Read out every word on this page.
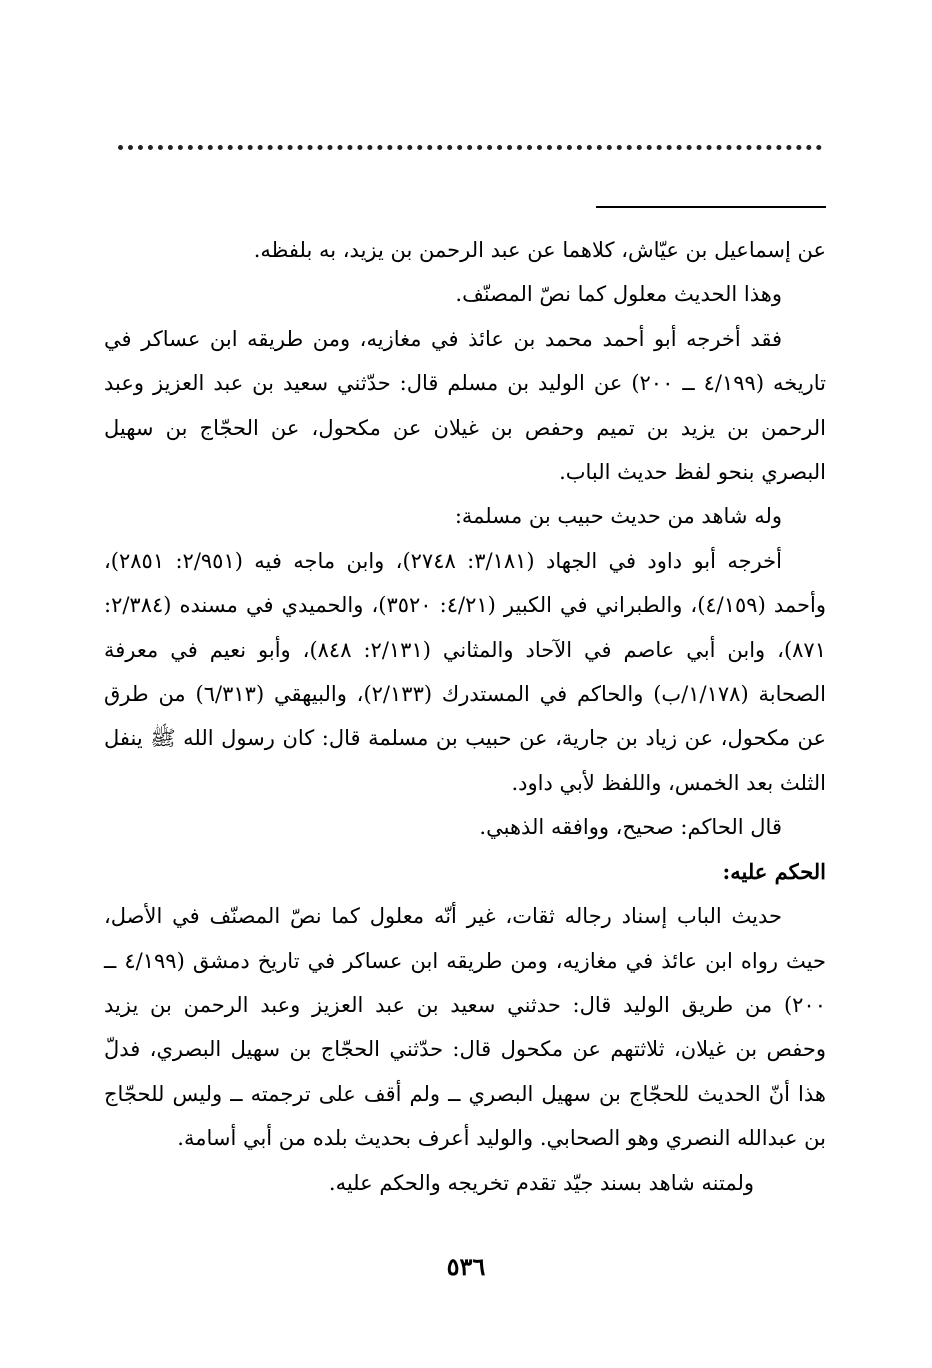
عن إسماعيل بن عيّاش، كلاهما عن عبد الرحمن بن يزيد، به بلفظه.

وهذا الحديث معلول كما نصّ المصنّف.

فقد أخرجه أبو أحمد محمد بن عائذ في مغازيه، ومن طريقه ابن عساكر في تاريخه (٤/١٩٩ ــ ٢٠٠) عن الوليد بن مسلم قال: حدّثني سعيد بن عبد العزيز وعبد الرحمن بن يزيد بن تميم وحفص بن غيلان عن مكحول، عن الحجّاج بن سهيل البصري بنحو لفظ حديث الباب.

وله شاهد من حديث حبيب بن مسلمة:

أخرجه أبو داود في الجهاد (٣/١٨١: ٢٧٤٨)، وابن ماجه فيه (٢/٩٥١: ٢٨٥١)، وأحمد (٤/١٥٩)، والطبراني في الكبير (٤/٢١: ٣٥٢٠)، والحميدي في مسنده (٢/٣٨٤: ٨٧١)، وابن أبي عاصم في الآحاد والمثاني (٢/١٣١: ٨٤٨)، وأبو نعيم في معرفة الصحابة (١/١٧٨/ب) والحاكم في المستدرك (٢/١٣٣)، والبيهقي (٦/٣١٣) من طرق عن مكحول، عن زياد بن جارية، عن حبيب بن مسلمة قال: كان رسول الله ﷺ ينفل الثلث بعد الخمس، واللفظ لأبي داود.

قال الحاكم: صحيح، ووافقه الذهبي.

الحكم عليه:

حديث الباب إسناد رجاله ثقات، غير أنّه معلول كما نصّ المصنّف في الأصل، حيث رواه ابن عائذ في مغازيه، ومن طريقه ابن عساكر في تاريخ دمشق (٤/١٩٩ ــ ٢٠٠) من طريق الوليد قال: حدثني سعيد بن عبد العزيز وعبد الرحمن بن يزيد وحفص بن غيلان، ثلاثتهم عن مكحول قال: حدّثني الحجّاج بن سهيل البصري، فدلّ هذا أنّ الحديث للحجّاج بن سهيل البصري ــ ولم أقف على ترجمته ــ وليس للحجّاج بن عبدالله النصري وهو الصحابي. والوليد أعرف بحديث بلده من أبي أسامة.

ولمتنه شاهد بسند جيّد تقدم تخريجه والحكم عليه.

٥٣٦
